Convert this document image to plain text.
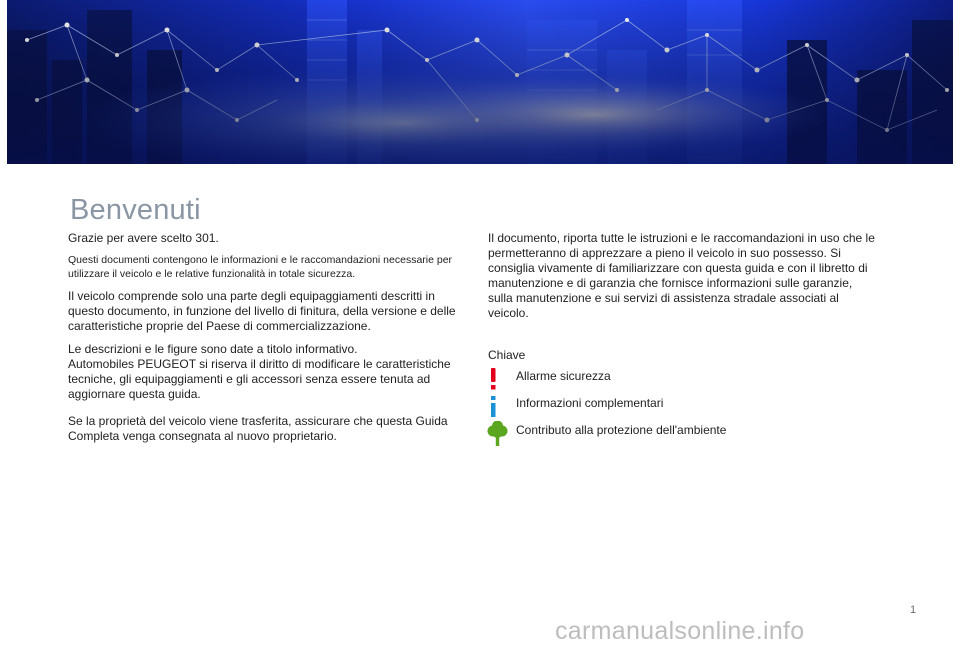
Benvenuti

Grazie per avere scelto 301.

Questi documenti contengono le informazioni e le raccomandazioni necessarie per utilizzare il veicolo e le relative funzionalità in totale sicurezza.

Il veicolo comprende solo una parte degli equipaggiamenti descritti in questo documento, in funzione del livello di finitura, della versione e delle caratteristiche proprie del Paese di commercializzazione.

Le descrizioni e le figure sono date a titolo informativo.

Automobiles PEUGEOT si riserva il diritto di modificare le caratteristiche tecniche, gli equipaggiamenti e gli accessori senza essere tenuta ad aggiornare questa guida.

Se la proprietà del veicolo viene trasferita, assicurare che questa Guida Completa venga consegnata al nuovo proprietario.

Il documento, riporta tutte le istruzioni e le raccomandazioni in uso che le permetteranno di apprezzare a pieno il veicolo in suo possesso. Si consiglia vivamente di familiarizzare con questa guida e con il libretto di manutenzione e di garanzia che fornisce informazioni sulle garanzie, sulla manutenzione e sui servizi di assistenza stradale associati al veicolo.

Chiave
Allarme sicurezza
Informazioni complementari
Contributo alla protezione dell'ambiente
1
carmanualsonline.info
